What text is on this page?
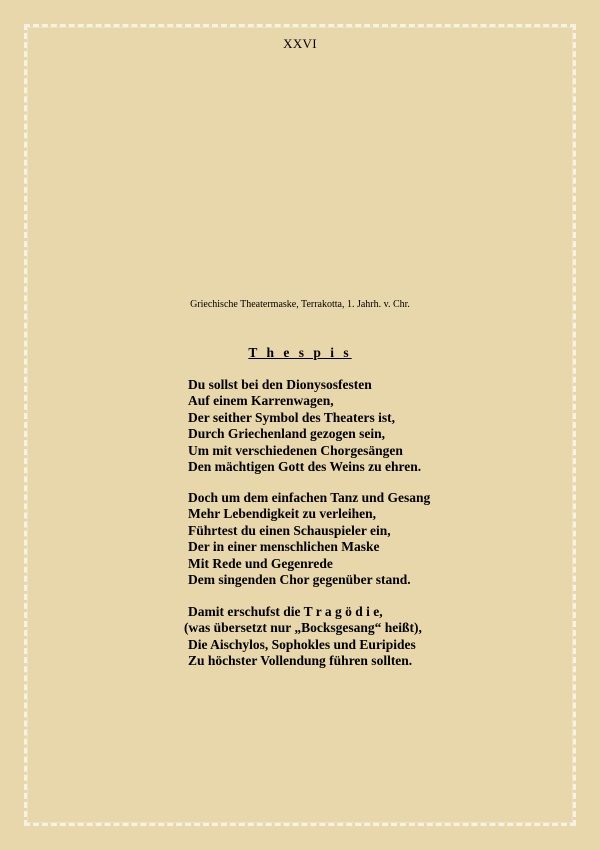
XXVI
Griechische Theatermaske, Terrakotta, 1. Jahrh. v. Chr.
T h e s p i s
Du sollst bei den Dionysosfesten
Auf einem Karrenwagen,
Der seither Symbol des Theaters ist,
Durch Griechenland gezogen sein,
Um mit verschiedenen Chorgesängen
Den mächtigen Gott des Weins zu ehren.
Doch um dem einfachen Tanz und Gesang
Mehr Lebendigkeit zu verleihen,
Führtest du einen Schauspieler ein,
Der in einer menschlichen Maske
Mit Rede und Gegenrede
Dem singenden Chor gegenüber stand.
Damit erschufst die T r a g ö d i e,
(was übersetzt nur „Bocksgesang“ heißt),
Die Aischylos, Sophokles und Euripides
Zu höchster Vollendung führen sollten.
